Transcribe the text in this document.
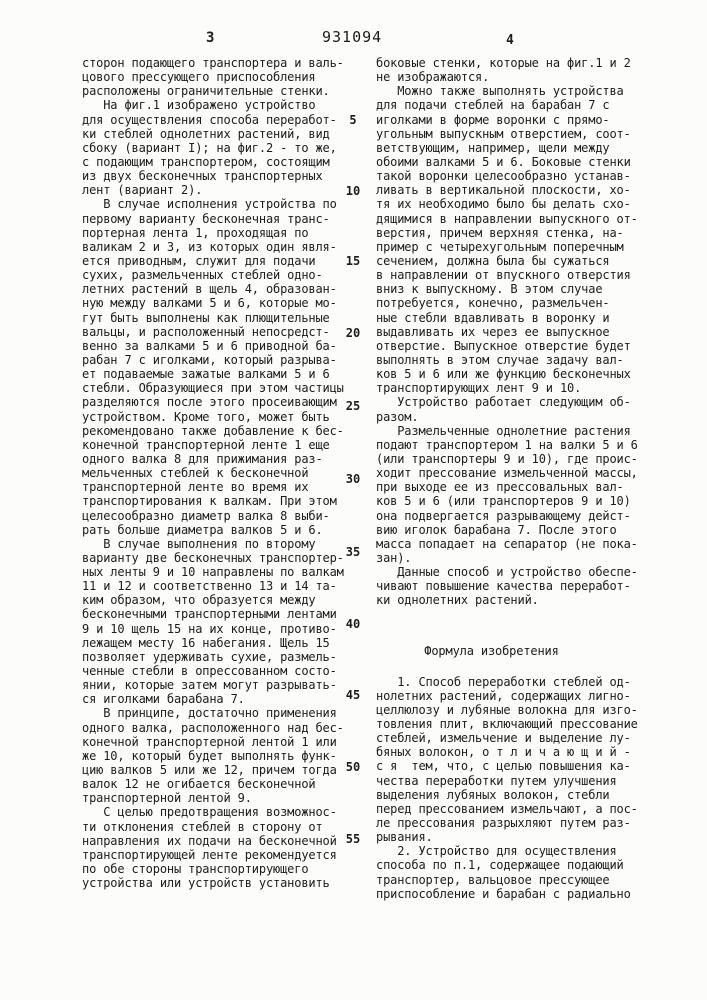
3	931094	4
сторон подающего транспортера и валь-
цового прессующего приспособления
расположены ограничительные стенки.
На фиг.1 изображено устройство
для осуществления способа переработ-
ки стеблей однолетних растений, вид
сбоку (вариант I); на фиг.2 - то же,
с подающим транспортером, состоящим
из двух бесконечных транспортерных
лент (вариант 2).
В случае исполнения устройства по
первому варианту бесконечная транс-
портерная лента 1, проходящая по
валикам 2 и 3, из которых один явля-
ется приводным, служит для подачи
сухих, размельченных стеблей одно-
летних растений в щель 4, образован-
ную между валками 5 и 6, которые мо-
гут быть выполнены как плющительные
вальцы, и расположенный непосредст-
венно за валками 5 и 6 приводной ба-
рабан 7 с иголками, который разрыва-
ет подаваемые зажатые валками 5 и 6
стебли. Образующиеся при этом частицы
разделяются после этого просеивающим
устройством. Кроме того, может быть
рекомендовано также добавление к бес-
конечной транспортерной ленте 1 еще
одного валка 8 для прижимания раз-
мельченных стеблей к бесконечной
транспортерной ленте во время их
транспортирования к валкам. При этом
целесообразно диаметр валка 8 выби-
рать больше диаметра валков 5 и 6.
В случае выполнения по второму
варианту две бесконечных транспортер-
ных ленты 9 и 10 направлены по валкам
11 и 12 и соответственно 13 и 14 та-
ким образом, что образуется между
бесконечными транспортерными лентами
9 и 10 щель 15 на их конце, противо-
лежащем месту 16 набегания. Щель 15
позволяет удерживать сухие, размель-
ченные стебли в опрессованном состо-
янии, которые затем могут разрывать-
ся иголками барабана 7.
В принципе, достаточно применения
одного валка, расположенного над бес-
конечной транспортерной лентой 1 или
же 10, который будет выполнять функ-
цию валков 5 или же 12, причем тогда
валок 12 не огибается бесконечной
транспортерной лентой 9.
С целью предотвращения возможнос-
ти отклонения стеблей в сторону от
направления их подачи на бесконечной
транспортирующей ленте рекомендуется
по обе стороны транспортирующего
устройства или устройств установить
боковые стенки, которые на фиг.1 и 2
не изображаются.
Можно также выполнять устройства
для подачи стеблей на барабан 7 с
иголками в форме воронки с прямо-
угольным выпускным отверстием, соот-
ветствующим, например, щели между
обоими валками 5 и 6. Боковые стенки
такой воронки целесообразно устанав-
ливать в вертикальной плоскости, хо-
тя их необходимо было бы делать схо-
дящимися в направлении выпускного от-
верстия, причем верхняя стенка, на-
пример с четырехугольным поперечным
сечением, должна была бы сужаться
в направлении от впускного отверстия
вниз к выпускному. В этом случае
потребуется, конечно, размельчен-
ные стебли вдавливать в воронку и
выдавливать их через ее выпускное
отверстие. Выпускное отверстие будет
выполнять в этом случае задачу вал-
ков 5 и 6 или же функцию бесконечных
транспортирующих лент 9 и 10.
Устройство работает следующим об-
разом.
Размельченные однолетние растения
подают транспортером 1 на валки 5 и 6
(или транспортеры 9 и 10), где проис-
ходит прессование измельченной массы,
при выходе ее из прессовальных вал-
ков 5 и 6 (или транспортеров 9 и 10)
она подвергается разрывающему дейст-
вию иголок барабана 7. После этого
масса попадает на сепаратор (не пока-
зан).
Данные способ и устройство обеспе-
чивают повышение качества переработ-
ки однолетних растений.
Формула изобретения
1. Способ переработки стеблей од-
нолетних растений, содержащих лигно-
целлюлозу и лубяные волокна для изго-
товления плит, включающий прессование
стеблей, измельчение и выделение лу-
бяных волокон, о т л и ч а ю щ и й -
с я  тем, что, с целью повышения ка-
чества переработки путем улучшения
выделения лубяных волокон, стебли
перед прессованием измельчают, а пос-
ле прессования разрыхляют путем раз-
рывания.
2. Устройство для осуществления
способа по п.1, содержащее подающий
транспортер, вальцовое прессующее
приспособление и барабан с радиально
5
10
15
20
25
30
35
40
45
50
55
